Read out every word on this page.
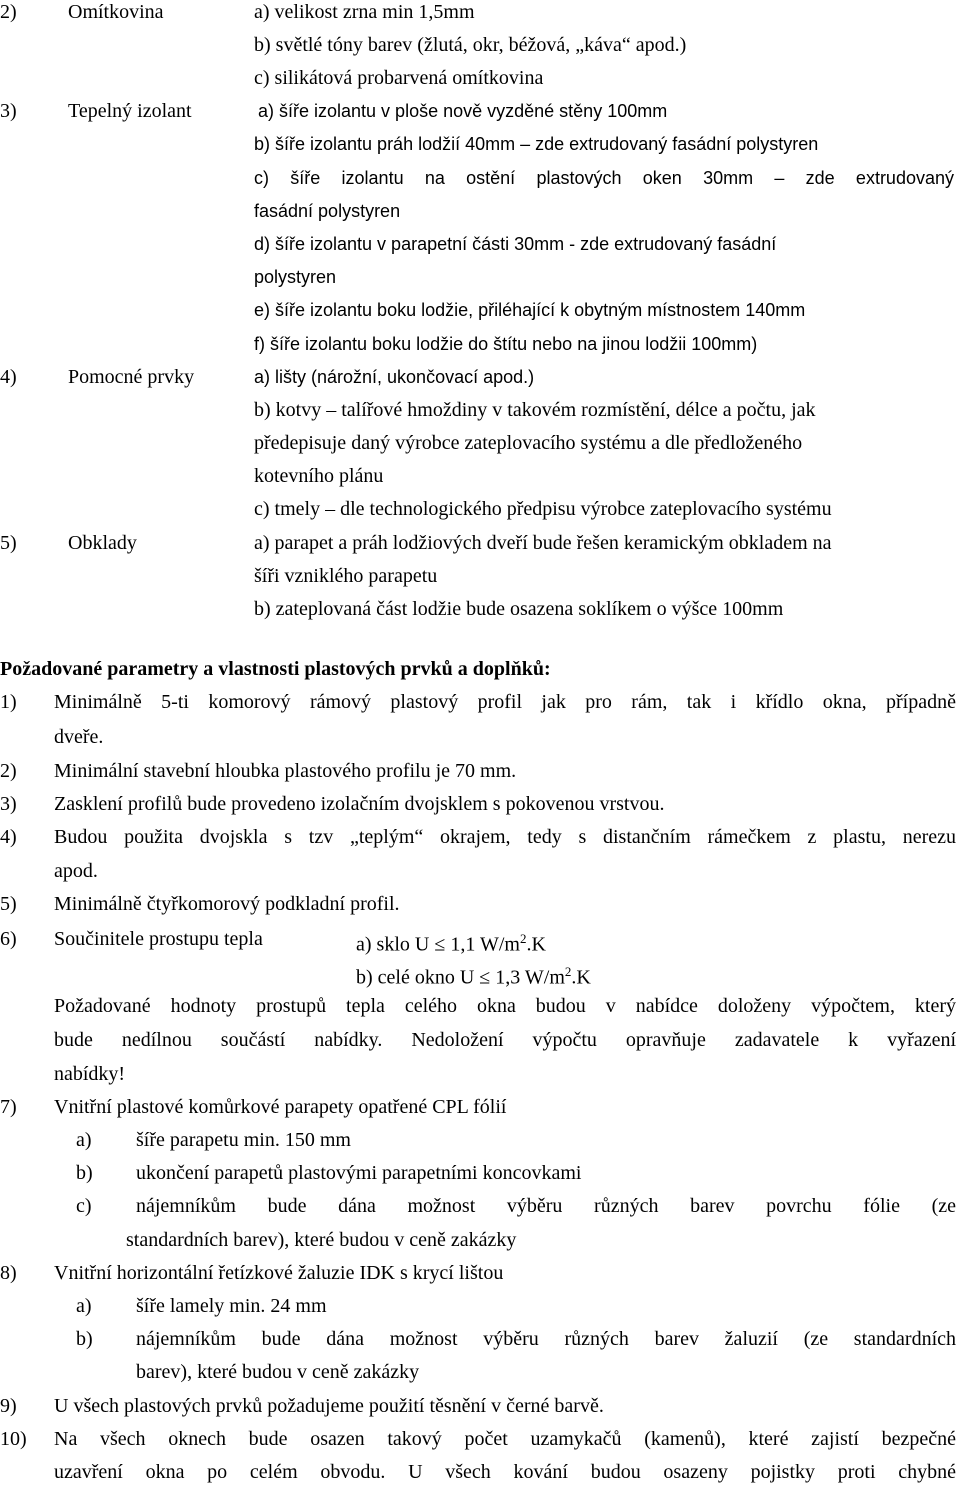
2)	Omítkovina	a) velikost zrna min 1,5mm
b) světlé tóny barev (žlutá, okr, béžová, „káva“ apod.)
c) silikátová probarvená omítkovina
3)	Tepelný izolant	a) šíře izolantu v ploše nově vyzděné stěny 100mm
b) šíře izolantu práh lodžií 40mm – zde extrudovaný fasádní polystyren
c) šíře izolantu na ostění plastových oken 30mm – zde extrudovaný
fasádní polystyren
d) šíře izolantu v parapetní části 30mm - zde extrudovaný fasádní
polystyren
e) šíře izolantu boku lodžie, přiléhající k obytným místnostem 140mm
f) šíře izolantu boku lodžie do štítu nebo na jinou lodžii 100mm)
4)	Pomocné prvky	a) lišty (nárožní, ukončovací apod.)
b) kotvy – talířové hmoždiny v takovém rozmístění, délce a počtu, jak
předepisuje daný výrobce zateplovacího systému a dle předloženého
kotevního plánu
c) tmely – dle technologického předpisu výrobce zateplovacího systému
5)	Obklady	a) parapet a práh lodžiových dveří bude řešen keramickým obkladem na
šíři vzniklého parapetu
b) zateplovaná část lodžie bude osazena soklíkem o výšce 100mm
Požadované parametry a vlastnosti plastových prvků a doplňků:
1) Minimálně 5-ti komorový rámový plastový profil jak pro rám, tak i křídlo okna, případně
dveře.
2) Minimální stavební hloubka plastového profilu je 70 mm.
3) Zasklení profilů bude provedeno izolačním dvojsklem s pokovenou vrstvou.
4) Budou použita dvojskla s tzv „teplým“ okrajem, tedy s distančním rámečkem z plastu, nerezu
apod.
5) Minimálně čtyřkomorový podkladní profil.
6) Součinitele prostupu tepla	a) sklo U ≤ 1,1 $W/m^2.K$
b) celé okno U ≤ 1,3 $W/m^2.K$
Požadované hodnoty prostupů tepla celého okna budou v nabídce doloženy výpočtem, který
bude nedílnou součástí nabídky. Nedoložení výpočtu opravňuje zadavatele k vyřazení
nabídky!
7) Vnitřní plastové komůrkové parapety opatřené CPL fólií
a) šíře parapetu min. 150 mm
b) ukončení parapetů plastovými parapetními koncovkami
c) nájemníkům bude dána možnost výběru různých barev povrchu fólie (ze
standardních barev), které budou v ceně zakázky
8) Vnitřní horizontální řetízkové žaluzie IDK s krycí lištou
a) šíře lamely min. 24 mm
b) nájemníkům bude dána možnost výběru různých barev žaluzií (ze standardních
barev), které budou v ceně zakázky
9) U všech plastových prvků požadujeme použití těsnění v černé barvě.
10) Na všech oknech bude osazen takový počet uzamykačů (kamenů), které zajistí bezpečné
uzavření okna po celém obvodu. U všech kování budou osazeny pojistky proti chybné
